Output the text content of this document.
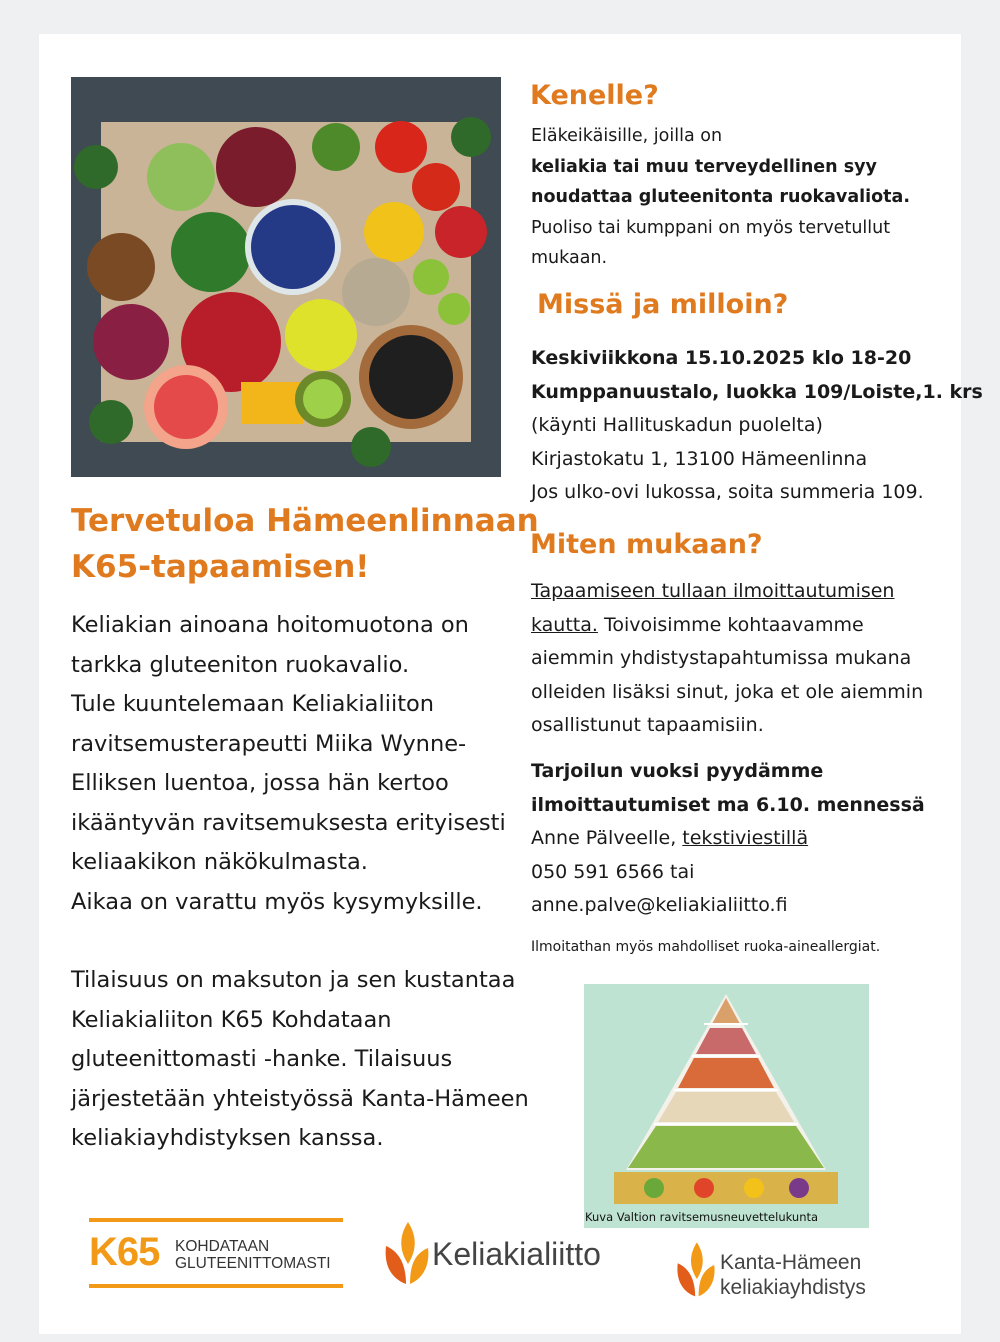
Kenelle?
Eläkeikäisille, joilla on
keliakia tai muu terveydellinen syy
noudattaa gluteenitonta ruokavaliota.
Puoliso tai kumppani on myös tervetullut
mukaan.
Missä ja milloin?
Keskiviikkona 15.10.2025 klo 18-20
Kumppanuustalo, luokka 109/Loiste,1. krs
(käynti Hallituskadun puolelta)
Kirjastokatu 1, 13100 Hämeenlinna
Jos ulko-ovi lukossa, soita summeria 109.
Miten mukaan?
Tapaamiseen tullaan ilmoittautumisen
kautta. Toivoisimme kohtaavamme
aiemmin yhdistystapahtumissa mukana
olleiden lisäksi sinut, joka et ole aiemmin
osallistunut tapaamisiin.
Tarjoilun vuoksi pyydämme
ilmoittautumiset ma 6.10. mennessä
Anne Pälveelle, tekstiviestillä
050 591 6566 tai
anne.palve@keliakialiitto.fi
Ilmoitathan myös mahdolliset ruoka-aineallergiat.
Tervetuloa Hämeenlinnaan
K65-tapaamisen!
Keliakian ainoana hoitomuotona on
tarkka gluteeniton ruokavalio.
Tule kuuntelemaan Keliakialiiton
ravitsemusterapeutti Miika Wynne-
Elliksen luentoa, jossa hän kertoo
ikääntyvän ravitsemuksesta erityisesti
keliaakikon näkökulmasta.
Aikaa on varattu myös kysymyksille.
Tilaisuus on maksuton ja sen kustantaa
Keliakialiiton K65 Kohdataan
gluteenittomasti -hanke. Tilaisuus
järjestetään yhteistyössä Kanta-Hämeen
keliakiayhdistyksen kanssa.
Kuva Valtion ravitsemusneuvettelukunta
K65 KOHDATAAN
GLUTEENITTOMASTI	Keliakialiitto	Kanta-Hämeen
keliakiayhdistys
